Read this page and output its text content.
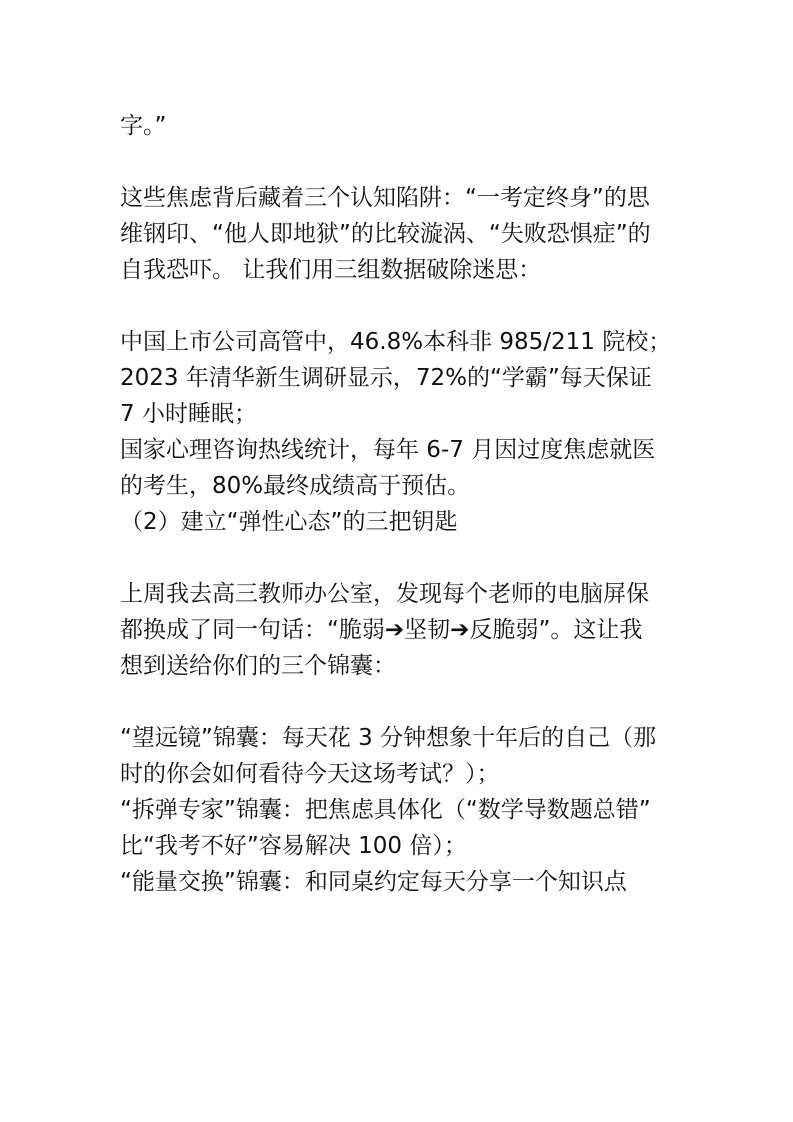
字。”
这些焦虑背后藏着三个认知陷阱：“一考定终身”的思
维钢印、“他人即地狱”的比较漩涡、“失败恐惧症”的
自我恐吓。 让我们用三组数据破除迷思：
中国上市公司高管中，46.8%本科非 985/211 院校；
2023 年清华新生调研显示，72%的“学霸”每天保证
7 小时睡眠；
国家心理咨询热线统计，每年 6-7 月因过度焦虑就医
的考生，80%最终成绩高于预估。
（2）建立“弹性心态”的三把钥匙
上周我去高三教师办公室，发现每个老师的电脑屏保
都换成了同一句话：“脆弱➔坚韧➔反脆弱”。这让我
想到送给你们的三个锦囊：
“望远镜”锦囊：每天花 3 分钟想象十年后的自己（那
时的你会如何看待今天这场考试？）；
“拆弹专家”锦囊：把焦虑具体化（“数学导数题总错”
比“我考不好”容易解决 100 倍）；
“能量交换”锦囊：和同桌约定每天分享一个知识点
